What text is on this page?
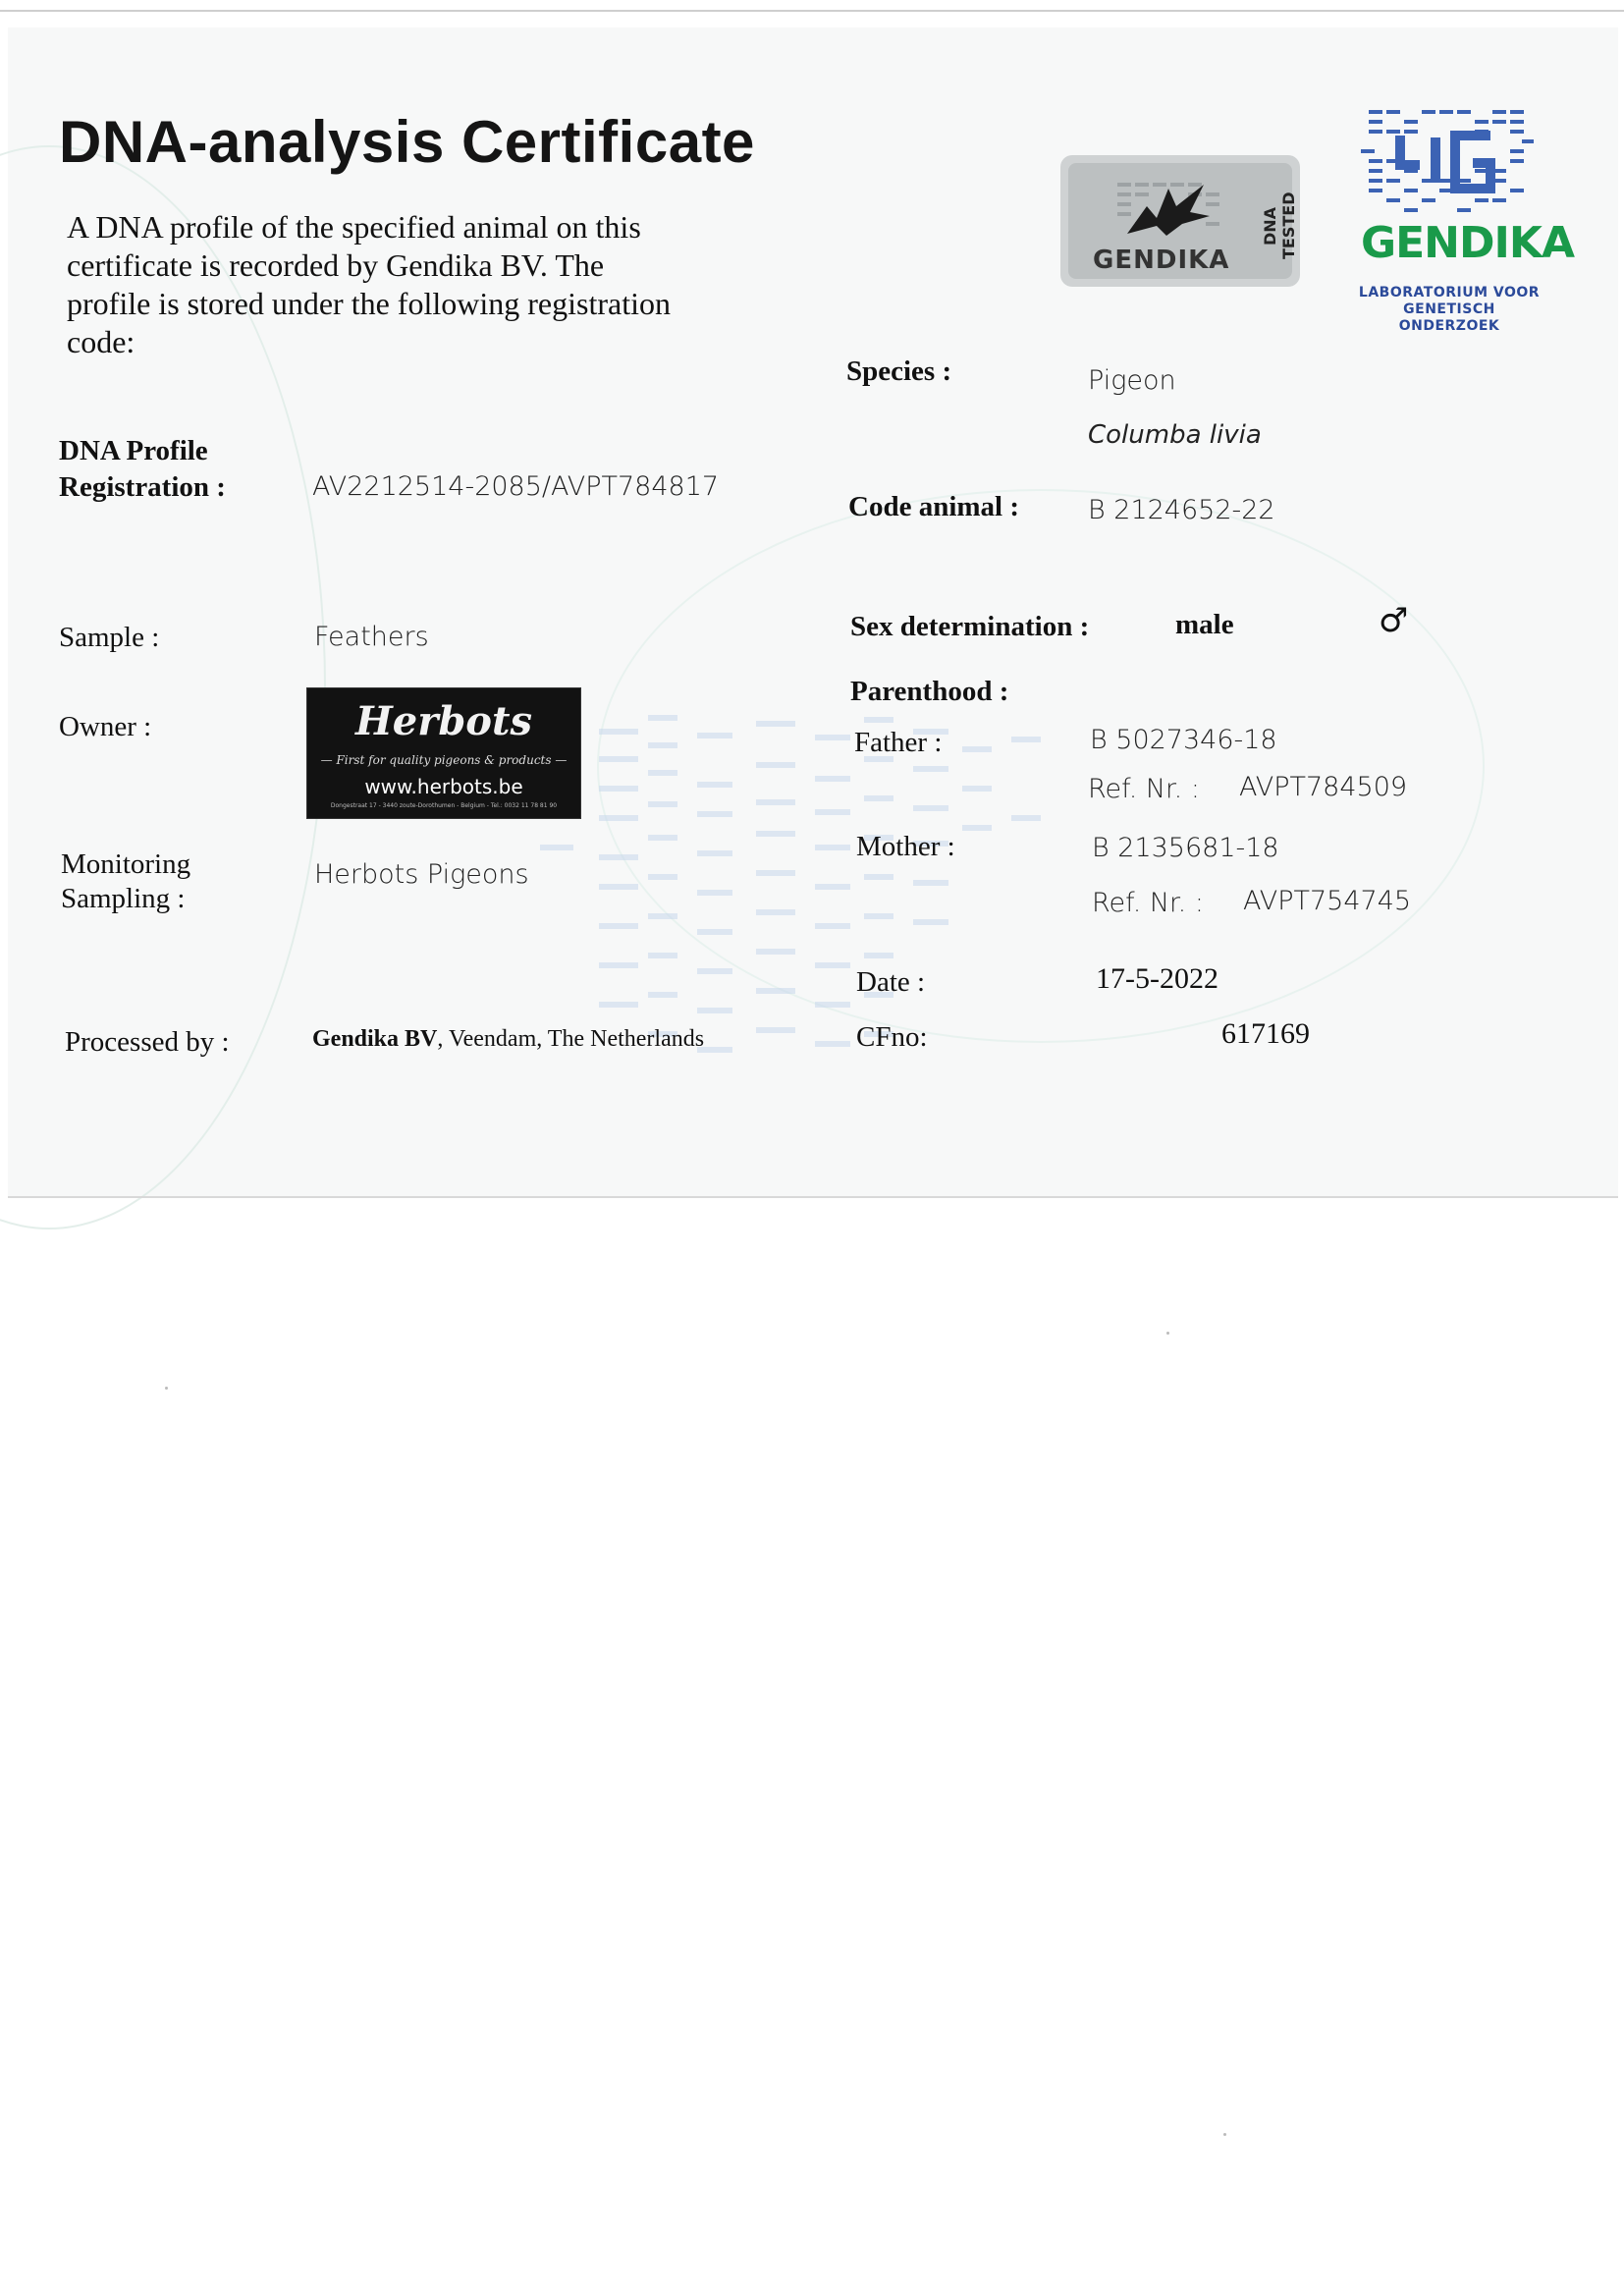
DNA-analysis Certificate
A DNA profile of the specified animal on this certificate is recorded by Gendika BV. The profile is stored under the following registration code:
GENDIKA
DNA TESTED GENDIKA
LABORATORIUM VOOR
GENETISCH ONDERZOEK
DNA Profile
Registration :	AV2212514-2085/AVPT784817
Sample :	Feathers
Owner :	Herbots
— First for quality pigeons & products —
www.herbots.be
Dongestraat 17 - 3440 zoute-Dorothumen - Belgium - Tel.: 0032 11 78 81 90
Monitoring
Sampling :
Herbots Pigeons
Processed by :	Gendika BV, Veendam, The Netherlands
Species :	Pigeon
Columba livia
Code animal :	B 2124652-22
Sex determination :	male	♂
Parenthood :
Father :	B 5027346-18
Ref. Nr. : AVPT784509
Mother :	B 2135681-18
Ref. Nr. : AVPT754745
Date :	17-5-2022
CFno:	617169
